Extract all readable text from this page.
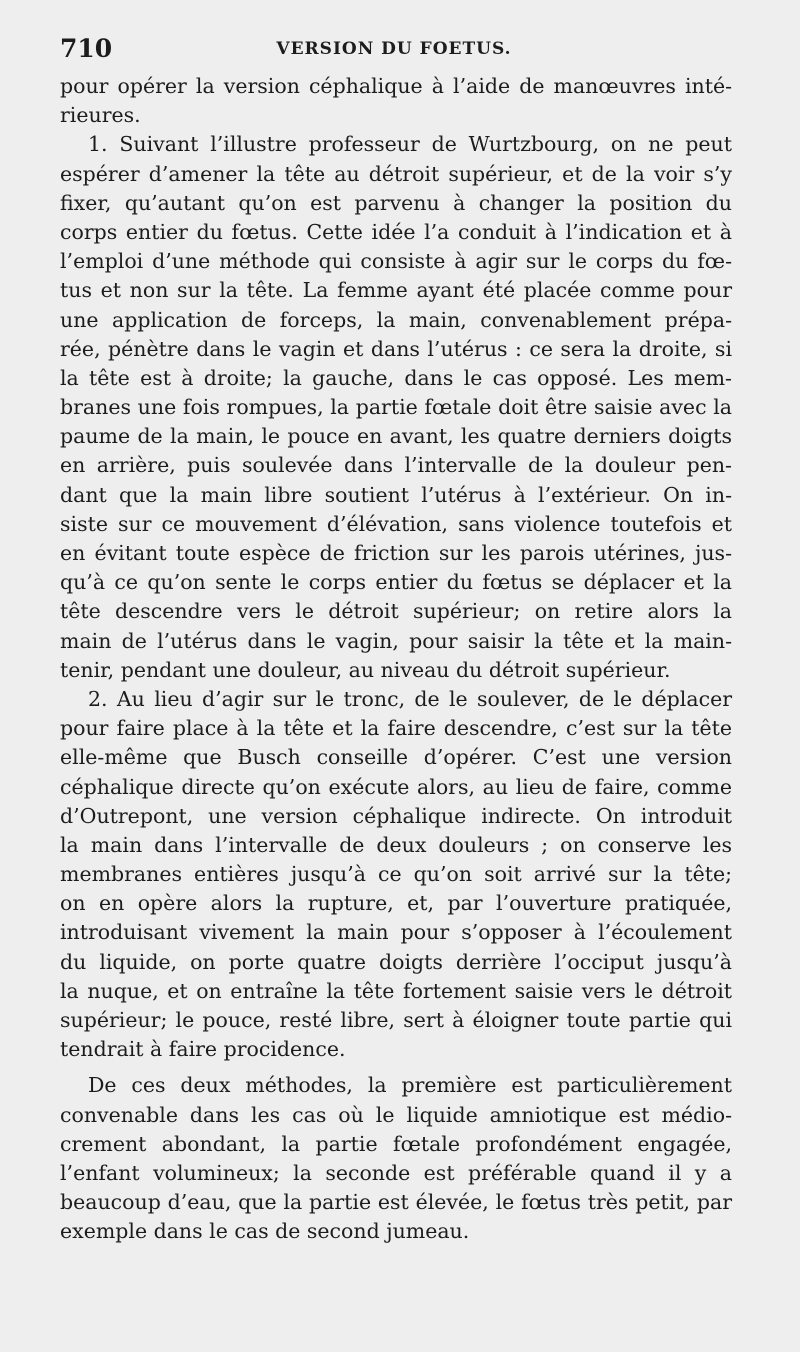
710	VERSION DU FOETUS.
pour opérer la version céphalique à l’aide de manœuvres inté-
rieures.
1. Suivant l’illustre professeur de Wurtzbourg, on ne peut
espérer d’amener la tête au détroit supérieur, et de la voir s’y
fixer, qu’autant qu’on est parvenu à changer la position du
corps entier du fœtus. Cette idée l’a conduit à l’indication et à
l’emploi d’une méthode qui consiste à agir sur le corps du fœ-
tus et non sur la tête. La femme ayant été placée comme pour
une application de forceps, la main, convenablement prépa-
rée, pénètre dans le vagin et dans l’utérus : ce sera la droite, si
la tête est à droite; la gauche, dans le cas opposé. Les mem-
branes une fois rompues, la partie fœtale doit être saisie avec la
paume de la main, le pouce en avant, les quatre derniers doigts
en arrière, puis soulevée dans l’intervalle de la douleur pen-
dant que la main libre soutient l’utérus à l’extérieur. On in-
siste sur ce mouvement d’élévation, sans violence toutefois et
en évitant toute espèce de friction sur les parois utérines, jus-
qu’à ce qu’on sente le corps entier du fœtus se déplacer et la
tête descendre vers le détroit supérieur; on retire alors la
main de l’utérus dans le vagin, pour saisir la tête et la main-
tenir, pendant une douleur, au niveau du détroit supérieur.
2. Au lieu d’agir sur le tronc, de le soulever, de le déplacer
pour faire place à la tête et la faire descendre, c’est sur la tête
elle-même que Busch conseille d’opérer. C’est une version
céphalique directe qu’on exécute alors, au lieu de faire, comme
d’Outrepont, une version céphalique indirecte. On introduit
la main dans l’intervalle de deux douleurs ; on conserve les
membranes entières jusqu’à ce qu’on soit arrivé sur la tête;
on en opère alors la rupture, et, par l’ouverture pratiquée,
introduisant vivement la main pour s’opposer à l’écoulement
du liquide, on porte quatre doigts derrière l’occiput jusqu’à
la nuque, et on entraîne la tête fortement saisie vers le détroit
supérieur; le pouce, resté libre, sert à éloigner toute partie qui
tendrait à faire procidence.
De ces deux méthodes, la première est particulièrement
convenable dans les cas où le liquide amniotique est médio-
crement abondant, la partie fœtale profondément engagée,
l’enfant volumineux; la seconde est préférable quand il y a
beaucoup d’eau, que la partie est élevée, le fœtus très petit, par
exemple dans le cas de second jumeau.
